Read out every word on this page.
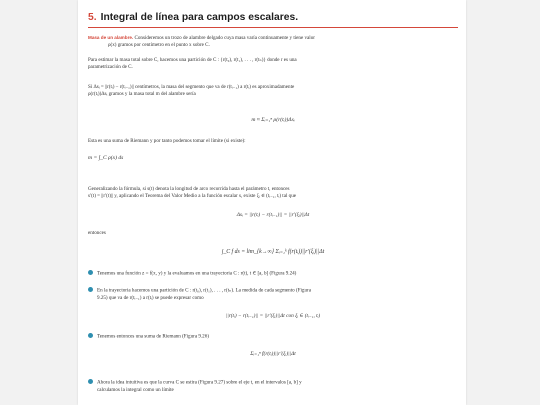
5. Integral de línea para campos escalares.
Masa de un alambre. Consideremos un trozo de alambre delgado cuya masa varía continuamente y tiene valor
ρ(x) gramos por centímetro en el punto x sobre C.
Para estimar la masa total sobre C, hacemos una partición de C : {r(t₀), r(t₁), . . . , r(tₙ)} donde r es una
parametrización de C.
Si Δsᵢ = ||r(tᵢ) − r(tᵢ₋₁)|| centímetros, la masa del segmento que va de r(tᵢ₋₁) a r(tᵢ) es aproximadamente
ρ(r(tᵢ))Δsᵢ gramos y la masa total m del alambre sería
m ≈ Σᵢ₌₁ⁿ ρ(r(tᵢ))Δsᵢ
Esta es una suma de Riemann y por tanto podemos tomar el límite (si existe):
m = ∫_C ρ(x) ds
Generalizando la fórmula, si s(t) denota la longitud de arco recorrida hasta el parámetro t, entonces
s′(t) = ||r′(t)|| y, aplicando el Teorema del Valor Medio a la función escalar s, existe ξᵢ ∈ (tᵢ₋₁, tᵢ) tal que
Δsᵢ = ||r(tᵢ) − r(tᵢ₋₁)|| = ||r′(ξᵢ)||Δt
entonces
∫_C f ds = lim_{k→∞} Σᵢ₌₁ᵏ f(r(tᵢ))||r′(ξᵢ)||Δt
Tenemos una función z = f(x, y) y la evaluamos en una trayectoria C : r(t), t ∈ [a, b] (Figura 9.24)
En la trayectoria hacemos una partición de C : r(t₀), r(t₁), . . . , r(tₙ). La medida de cada segmento (Figura
9.25) que va de r(tᵢ₋₁) a r(tᵢ) se puede expresar como
||r(tᵢ) − r(tᵢ₋₁)|| = ||r′(ξᵢ)||Δt con ξᵢ ∈ (tᵢ₋₁, tᵢ)
Tenemos entonces una suma de Riemann (Figura 9.26)
Σᵢ₌₁ⁿ f(r(tᵢ))||r′(ξᵢ)||Δt
Ahora la idea intuitiva es que la curva C se estira (Figura 9.27) sobre el eje t, en el intervalos [a, b] y
calculamos la integral como un límite
